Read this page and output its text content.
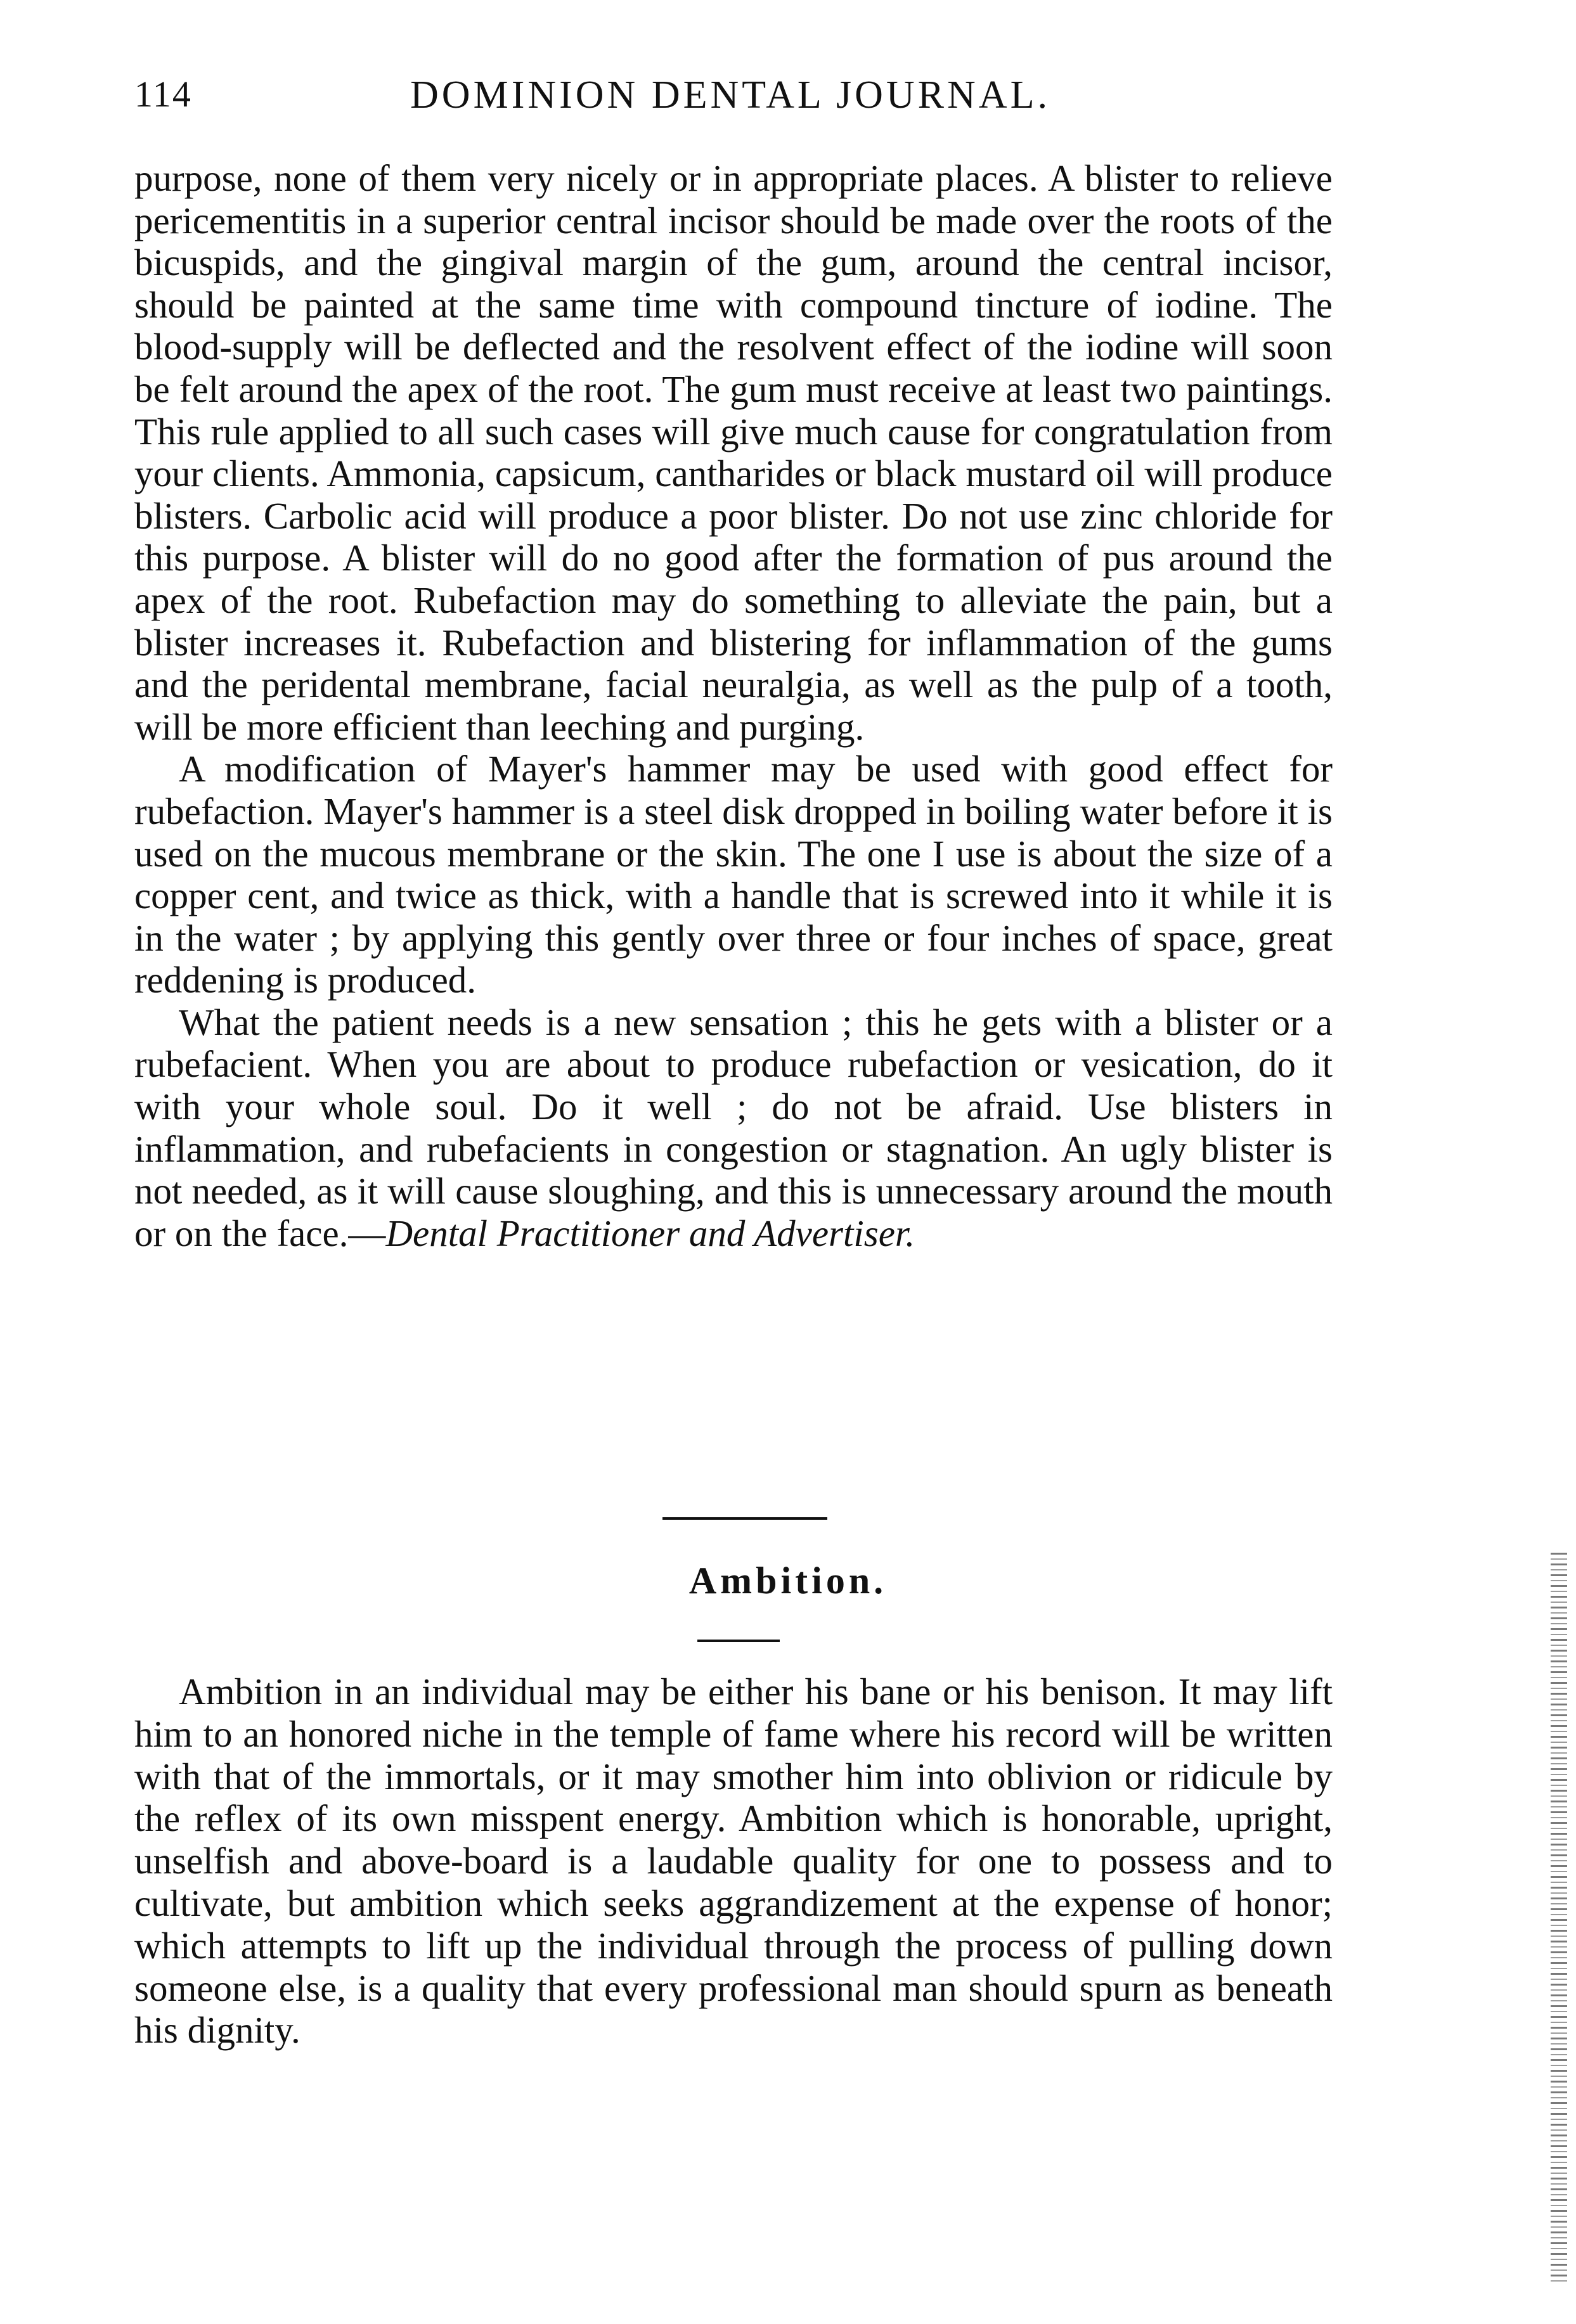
114	DOMINION DENTAL JOURNAL.

purpose, none of them very nicely or in appropriate places. A blister to relieve pericementitis in a superior central incisor should be made over the roots of the bicuspids, and the gingival margin of the gum, around the central incisor, should be painted at the same time with compound tincture of iodine. The blood-supply will be deflected and the resolvent effect of the iodine will soon be felt around the apex of the root. The gum must receive at least two paintings. This rule applied to all such cases will give much cause for congratulation from your clients. Ammonia, capsicum, cantharides or black mustard oil will produce blisters. Carbolic acid will produce a poor blister. Do not use zinc chloride for this purpose. A blister will do no good after the formation of pus around the apex of the root. Rubefaction may do something to alleviate the pain, but a blister increases it. Rubefaction and blistering for inflammation of the gums and the peridental membrane, facial neuralgia, as well as the pulp of a tooth, will be more efficient than leeching and purging.

A modification of Mayer's hammer may be used with good effect for rubefaction. Mayer's hammer is a steel disk dropped in boiling water before it is used on the mucous membrane or the skin. The one I use is about the size of a copper cent, and twice as thick, with a handle that is screwed into it while it is in the water ; by applying this gently over three or four inches of space, great reddening is produced.

What the patient needs is a new sensation ; this he gets with a blister or a rubefacient. When you are about to produce rubefaction or vesication, do it with your whole soul. Do it well ; do not be afraid. Use blisters in inflammation, and rubefacients in congestion or stagnation. An ugly blister is not needed, as it will cause sloughing, and this is unnecessary around the mouth or on the face.—Dental Practitioner and Advertiser.

Ambition.

Ambition in an individual may be either his bane or his benison. It may lift him to an honored niche in the temple of fame where his record will be written with that of the immortals, or it may smother him into oblivion or ridicule by the reflex of its own misspent energy. Ambition which is honorable, upright, unselfish and above-board is a laudable quality for one to possess and to cultivate, but ambition which seeks aggrandizement at the expense of honor; which attempts to lift up the individual through the process of pulling down someone else, is a quality that every professional man should spurn as beneath his dignity.
